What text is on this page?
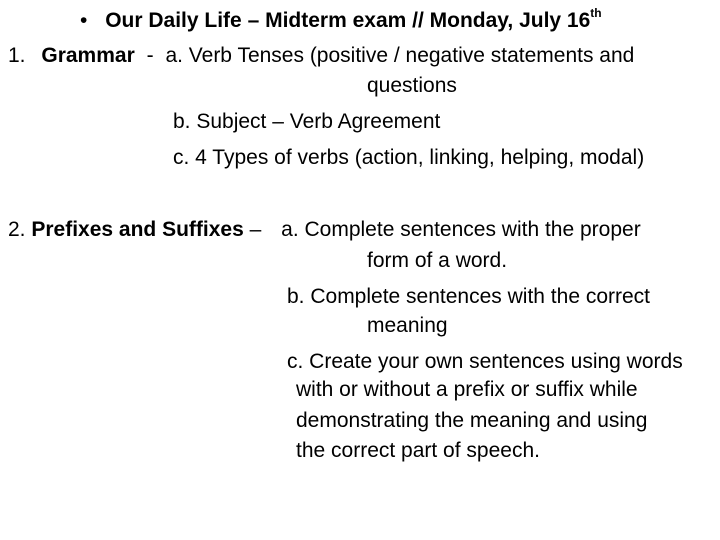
• Our Daily Life – Midterm exam // Monday, July 16th
1. Grammar - a. Verb Tenses (positive / negative statements and
questions
b. Subject – Verb Agreement
c. 4 Types of verbs (action, linking, helping, modal)
2. Prefixes and Suffixes – a. Complete sentences with the proper
form of a word.
b. Complete sentences with the correct
meaning
c. Create your own sentences using words
with or without a prefix or suffix while
demonstrating the meaning and using
the correct part of speech.
